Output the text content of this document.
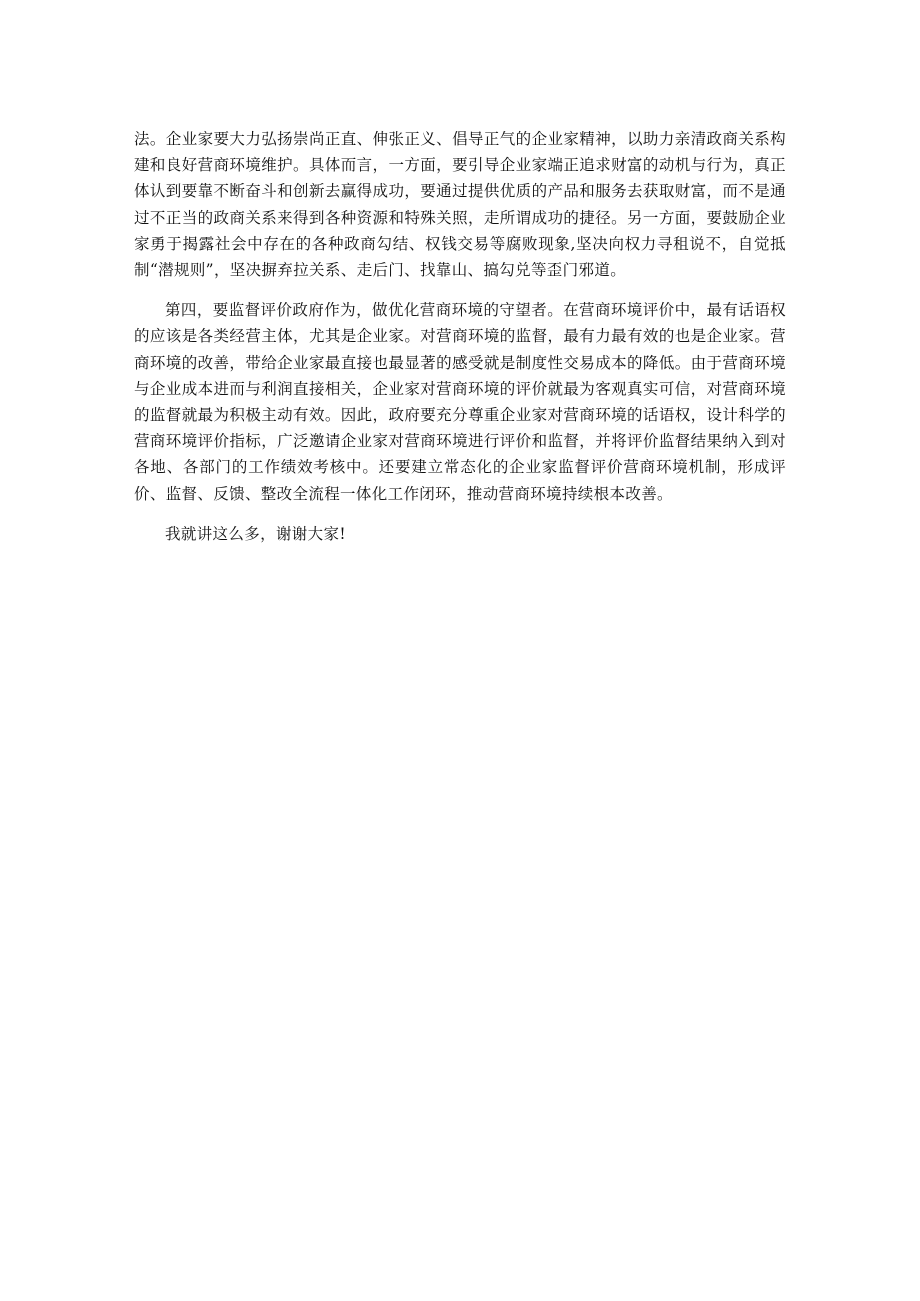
法。企业家要大力弘扬崇尚正直、伸张正义、倡导正气的企业家精神，以助力亲清政商关系构建和良好营商环境维护。具体而言，一方面，要引导企业家端正追求财富的动机与行为，真正体认到要靠不断奋斗和创新去赢得成功，要通过提供优质的产品和服务去获取财富，而不是通过不正当的政商关系来得到各种资源和特殊关照，走所谓成功的捷径。另一方面，要鼓励企业家勇于揭露社会中存在的各种政商勾结、权钱交易等腐败现象,坚决向权力寻租说不，自觉抵制“潜规则”，坚决摒弃拉关系、走后门、找靠山、搞勾兑等歪门邪道。

第四，要监督评价政府作为，做优化营商环境的守望者。在营商环境评价中，最有话语权的应该是各类经营主体，尤其是企业家。对营商环境的监督，最有力最有效的也是企业家。营商环境的改善，带给企业家最直接也最显著的感受就是制度性交易成本的降低。由于营商环境与企业成本进而与利润直接相关，企业家对营商环境的评价就最为客观真实可信，对营商环境的监督就最为积极主动有效。因此，政府要充分尊重企业家对营商环境的话语权，设计科学的营商环境评价指标，广泛邀请企业家对营商环境进行评价和监督，并将评价监督结果纳入到对各地、各部门的工作绩效考核中。还要建立常态化的企业家监督评价营商环境机制，形成评价、监督、反馈、整改全流程一体化工作闭环，推动营商环境持续根本改善。

我就讲这么多，谢谢大家!
